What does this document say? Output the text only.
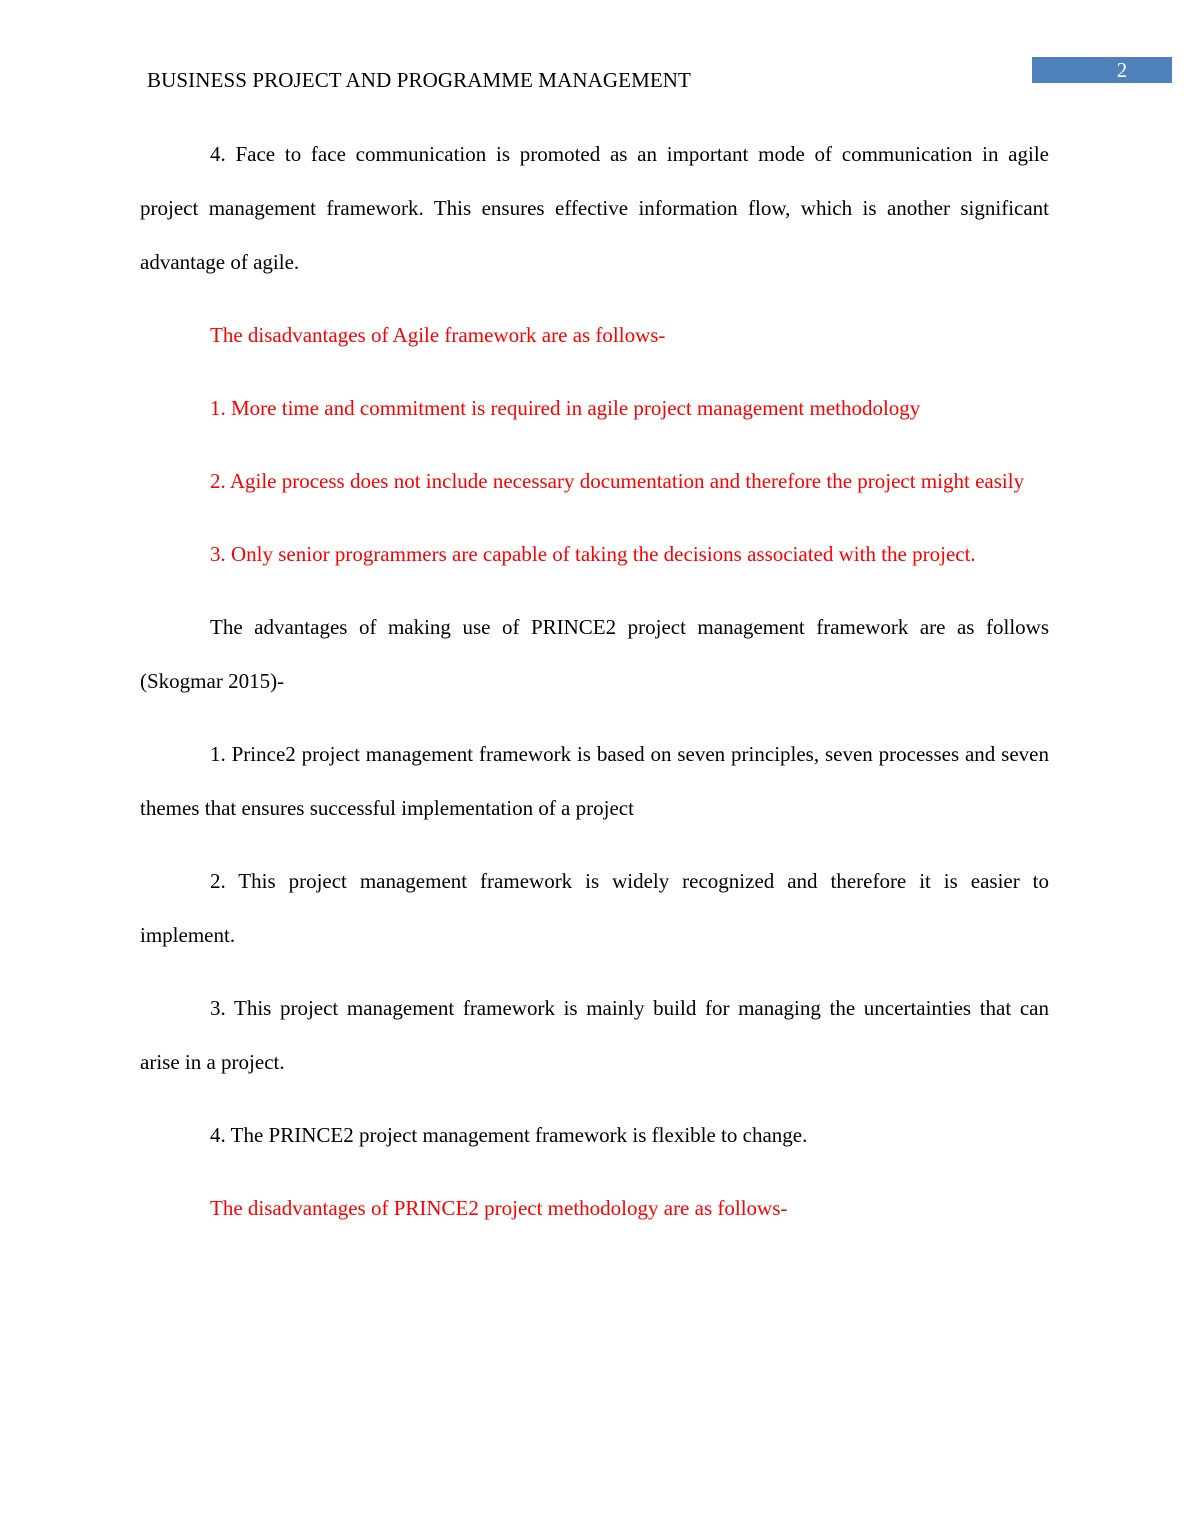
BUSINESS PROJECT AND PROGRAMME MANAGEMENT	2

4. Face to face communication is promoted as an important mode of communication in agile project management framework. This ensures effective information flow, which is another significant advantage of agile.

The disadvantages of Agile framework are as follows-

1. More time and commitment is required in agile project management methodology

2. Agile process does not include necessary documentation and therefore the project might easily

3. Only senior programmers are capable of taking the decisions associated with the project.

The advantages of making use of PRINCE2 project management framework are as follows (Skogmar 2015)-

1. Prince2 project management framework is based on seven principles, seven processes and seven themes that ensures successful implementation of a project

2. This project management framework is widely recognized and therefore it is easier to implement.

3. This project management framework is mainly build for managing the uncertainties that can arise in a project.

4. The PRINCE2 project management framework is flexible to change.

The disadvantages of PRINCE2 project methodology are as follows-
